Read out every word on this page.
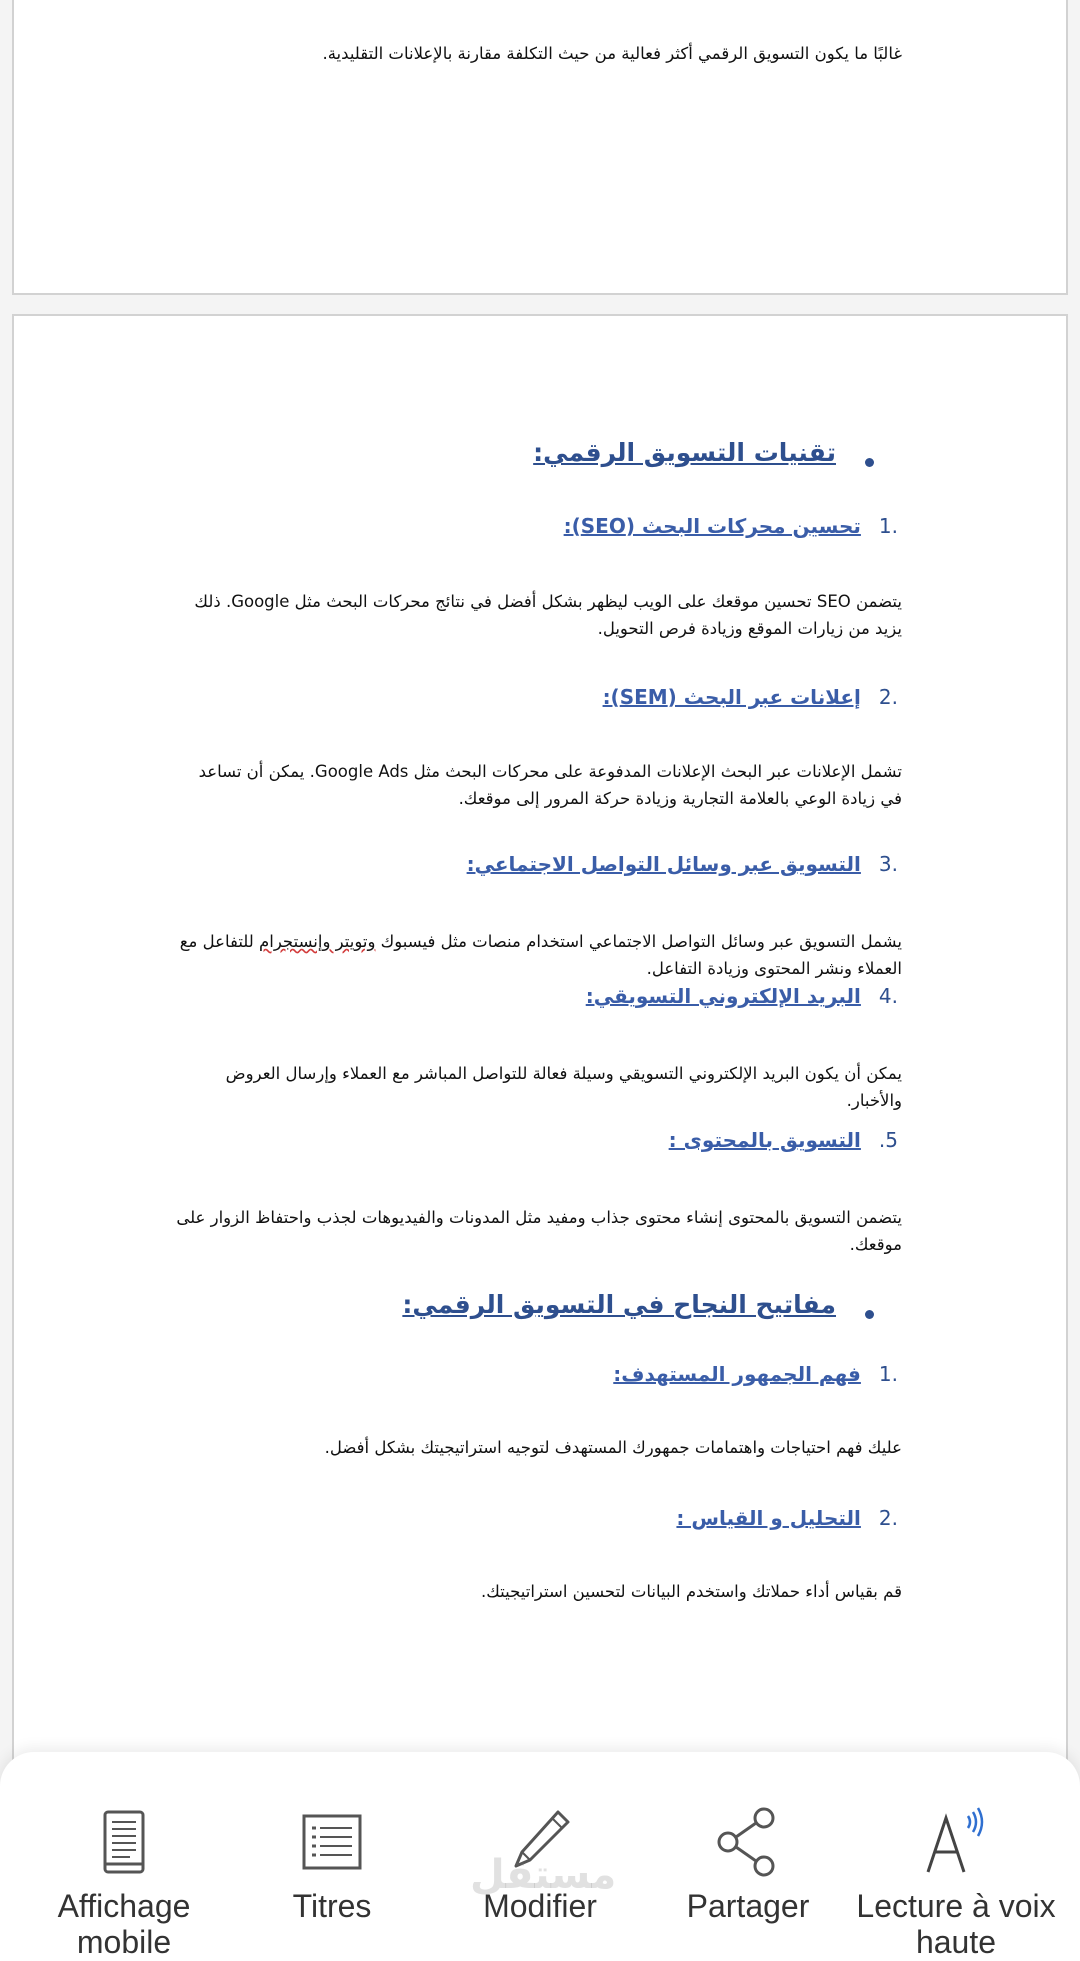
غالبًا ما يكون التسويق الرقمي أكثر فعالية من حيث التكلفة مقارنة بالإعلانات التقليدية.

تقنيات التسويق الرقمي:

1.
تحسين محركات البحث (SEO):

يتضمن SEO تحسين موقعك على الويب ليظهر بشكل أفضل في نتائج محركات البحث مثل Google. ذلك يزيد من زيارات الموقع وزيادة فرص التحويل.

2.
إعلانات عبر البحث (SEM):

تشمل الإعلانات عبر البحث الإعلانات المدفوعة على محركات البحث مثل Google Ads. يمكن أن تساعد في زيادة الوعي بالعلامة التجارية وزيادة حركة المرور إلى موقعك.

3.
التسويق عبر وسائل التواصل الاجتماعي:

يشمل التسويق عبر وسائل التواصل الاجتماعي استخدام منصات مثل فيسبوك وتويتر وإنستجرام للتفاعل مع العملاء ونشر المحتوى وزيادة التفاعل.

4.
البريد الإلكتروني التسويقي:

يمكن أن يكون البريد الإلكتروني التسويقي وسيلة فعالة للتواصل المباشر مع العملاء وإرسال العروض والأخبار.

.5
التسويق بالمحتوى :

يتضمن التسويق بالمحتوى إنشاء محتوى جذاب ومفيد مثل المدونات والفيديوهات لجذب واحتفاظ الزوار على موقعك.

مفاتيح النجاح في التسويق الرقمي:

1.
فهم الجمهور المستهدف:

عليك فهم احتياجات واهتمامات جمهورك المستهدف لتوجيه استراتيجيتك بشكل أفضل.

2.
التحليل و القياس :

قم بقياس أداء حملاتك واستخدم البيانات لتحسين استراتيجيتك.

Affichage mobile
Titres	Modifier	Partager	Lecture à voix haute
مستقل
